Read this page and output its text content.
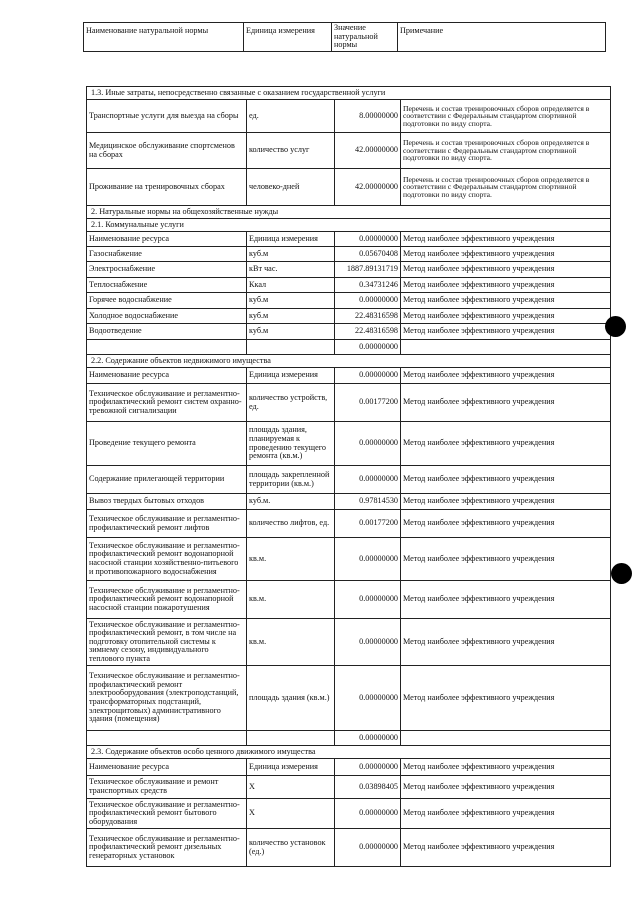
Наименование натуральной нормы	Единица измерения	Значение натуральной нормы	Примечание
1.3. Иные затраты, непосредственно связанные с оказанием государственной услуги			
Транспортные услуги для выезда на сборы	ед.	8.00000000	Перечень и состав тренировочных сборов определяется в соответствии с Федеральным стандартом спортивной подготовки по виду спорта.
Медицинское обслуживание спортсменов на сборах	количество услуг	42.00000000	Перечень и состав тренировочных сборов определяется в соответствии с Федеральным стандартом спортивной подготовки по виду спорта.
Проживание на тренировочных сборах	человеко-дней	42.00000000	Перечень и состав тренировочных сборов определяется в соответствии с Федеральным стандартом спортивной подготовки по виду спорта.
2. Натуральные нормы на общехозяйственные нужды			
2.1. Коммунальные услуги			
Наименование ресурса	Единица измерения	0.00000000	Метод наиболее эффективного учреждения
Газоснабжение	куб.м	0.05670408	Метод наиболее эффективного учреждения
Электроснабжение	кВт час.	1887.89131719	Метод наиболее эффективного учреждения
Теплоснабжение	Ккал	0.34731246	Метод наиболее эффективного учреждения
Горячее водоснабжение	куб.м	0.00000000	Метод наиболее эффективного учреждения
Холодное водоснабжение	куб.м	22.48316598	Метод наиболее эффективного учреждения
Водоотведение	куб.м	22.48316598	Метод наиболее эффективного учреждения
		0.00000000	
2.2. Содержание объектов недвижимого имущества			
Наименование ресурса	Единица измерения	0.00000000	Метод наиболее эффективного учреждения
Техническое обслуживание и регламентно-профилактический ремонт систем охранно-тревожной сигнализации	количество устройств, ед.	0.00177200	Метод наиболее эффективного учреждения
Проведение текущего ремонта	площадь здания, планируемая к проведению текущего ремонта (кв.м.)	0.00000000	Метод наиболее эффективного учреждения
Содержание прилегающей территории	площадь закрепленной территории (кв.м.)	0.00000000	Метод наиболее эффективного учреждения
Вывоз твердых бытовых отходов	куб.м.	0.97814530	Метод наиболее эффективного учреждения
Техническое обслуживание и регламентно-профилактический ремонт лифтов	количество лифтов, ед.	0.00177200	Метод наиболее эффективного учреждения
Техническое обслуживание и регламентно-профилактический ремонт водонапорной насосной станции хозяйственно-питьевого и противопожарного водоснабжения	кв.м.	0.00000000	Метод наиболее эффективного учреждения
Техническое обслуживание и регламентно-профилактический ремонт водонапорной насосной станции пожаротушения	кв.м.	0.00000000	Метод наиболее эффективного учреждения
Техническое обслуживание и регламентно-профилактический ремонт, в том числе на подготовку отопительной системы к зимнему сезону, индивидуального теплового пункта	кв.м.	0.00000000	Метод наиболее эффективного учреждения
Техническое обслуживание и регламентно-профилактический ремонт электрооборудования (электроподстанций, трансформаторных подстанций, электрощитовых) административного здания (помещения)	площадь здания (кв.м.)	0.00000000	Метод наиболее эффективного учреждения
		0.00000000	
2.3. Содержание объектов особо ценного движимого имущества			
Наименование ресурса	Единица измерения	0.00000000	Метод наиболее эффективного учреждения
Техническое обслуживание и ремонт транспортных средств	Х	0.03898405	Метод наиболее эффективного учреждения
Техническое обслуживание и регламентно-профилактический ремонт бытового оборудования	Х	0.00000000	Метод наиболее эффективного учреждения
Техническое обслуживание и регламентно-профилактический ремонт дизельных генераторных установок	количество установок (ед.)	0.00000000	Метод наиболее эффективного учреждения
